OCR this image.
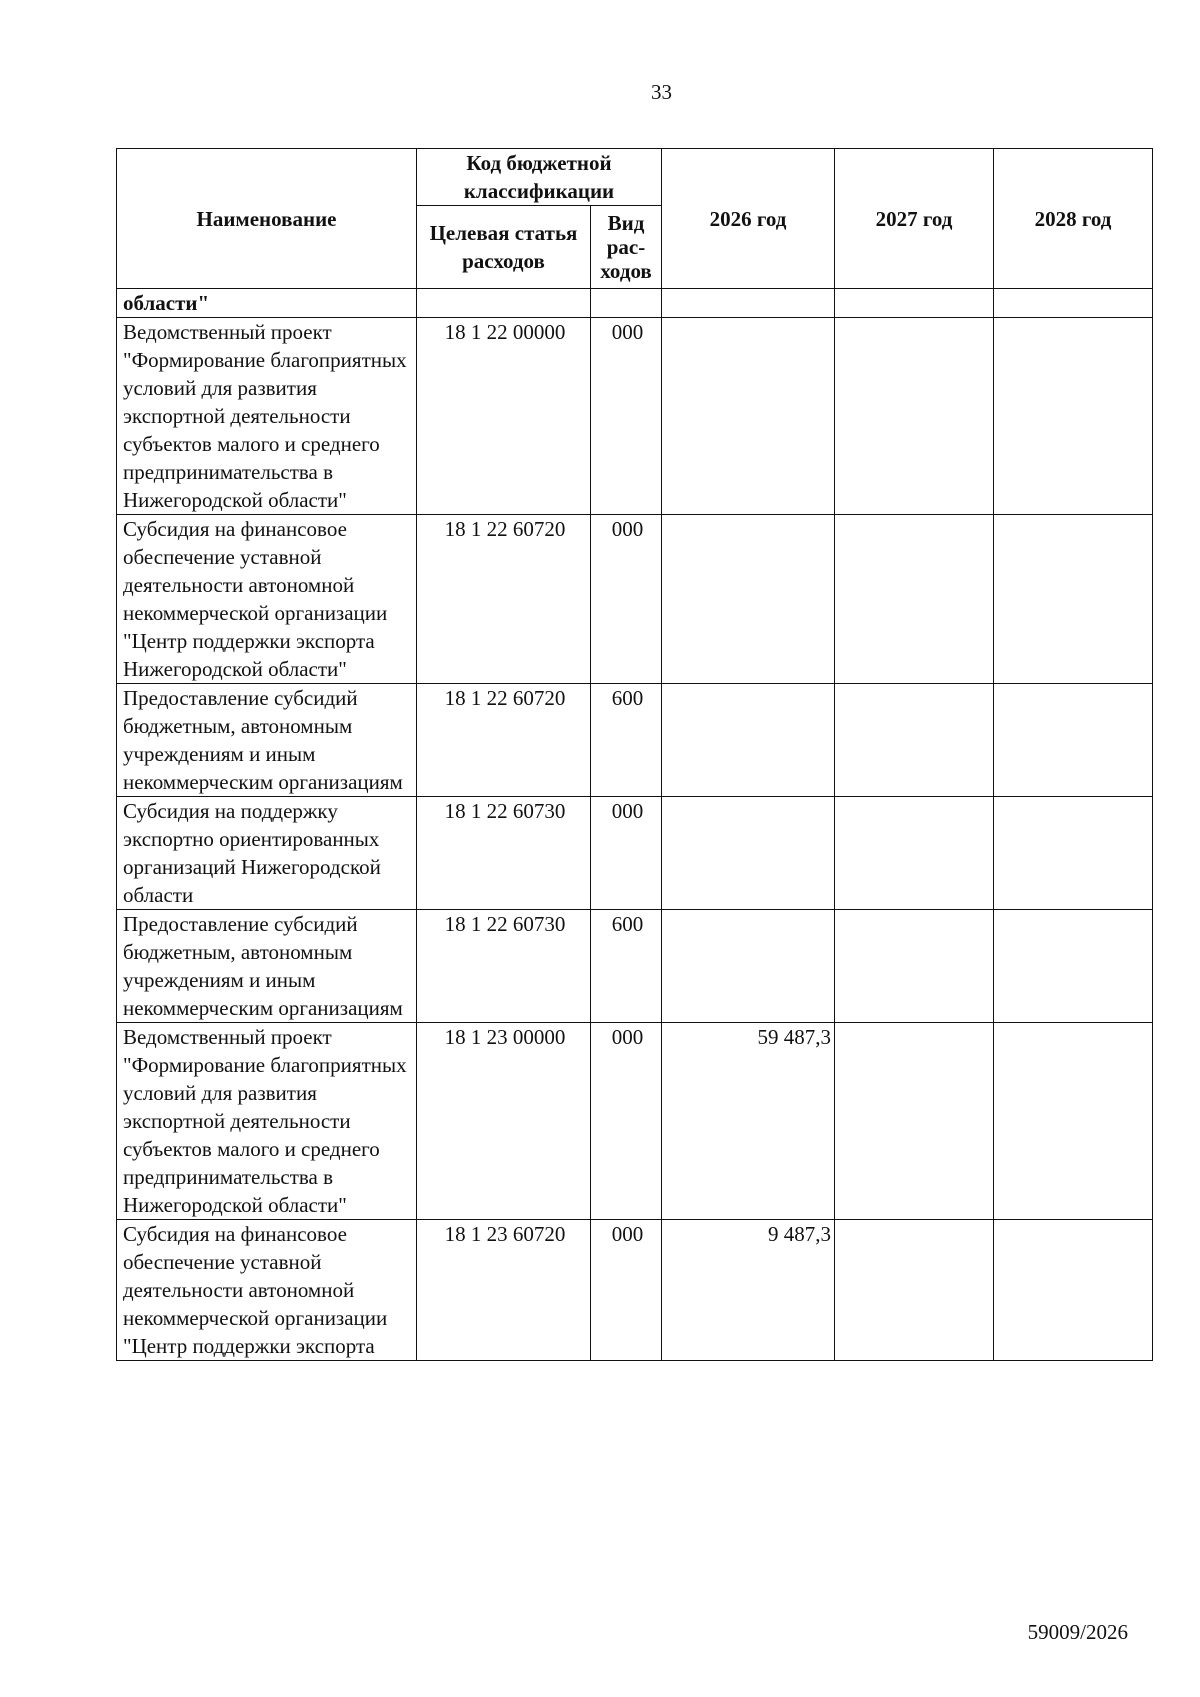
33
Наименование	Код бюджетной классификации		2026 год	2027 год	2028 год
	Целевая статья расходов	Вид рас- ходов			
области"					
Ведомственный проект "Формирование благоприятных условий для развития экспортной деятельности субъектов малого и среднего предпринимательства в Нижегородской области"	18 1 22 00000	000			
Субсидия на финансовое обеспечение уставной деятельности автономной некоммерческой организации "Центр поддержки экспорта Нижегородской области"	18 1 22 60720	000			
Предоставление субсидий бюджетным, автономным учреждениям и иным некоммерческим организациям	18 1 22 60720	600			
Субсидия на поддержку экспортно ориентированных организаций Нижегородской области	18 1 22 60730	000			
Предоставление субсидий бюджетным, автономным учреждениям и иным некоммерческим организациям	18 1 22 60730	600			
Ведомственный проект "Формирование благоприятных условий для развития экспортной деятельности субъектов малого и среднего предпринимательства в Нижегородской области"	18 1 23 00000	000	59 487,3		
Субсидия на финансовое обеспечение уставной деятельности автономной некоммерческой организации "Центр поддержки экспорта	18 1 23 60720	000	9 487,3		
59009/2026
